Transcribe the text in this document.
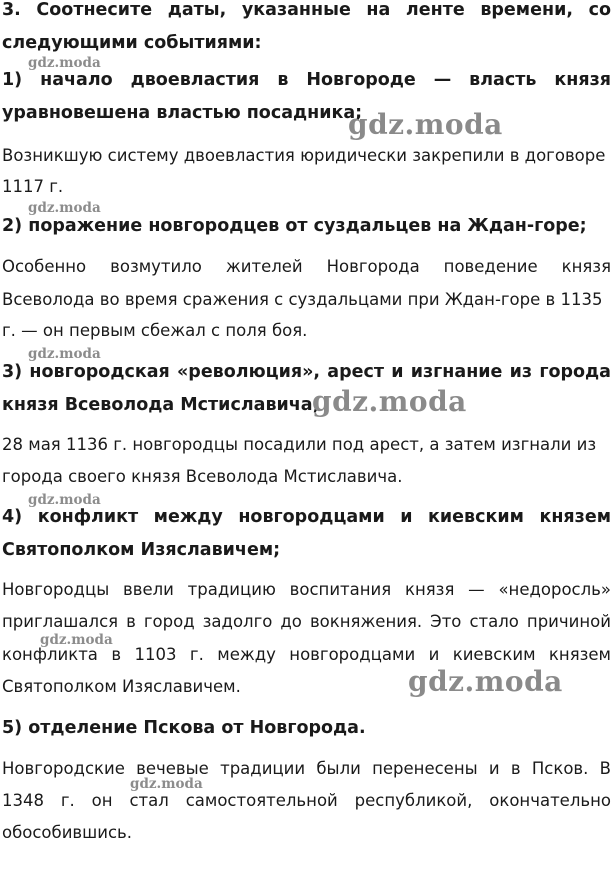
3. Соотнесите даты, указанные на ленте времени, со
следующими событиями:
1) начало двоевластия в Новгороде — власть князя
уравновешена властью посадника;
Возникшую систему двоевластия юридически закрепили в договоре
1117 г.
2) поражение новгородцев от суздальцев на Ждан-горе;
Особенно возмутило жителей Новгорода поведение князя
Всеволода во время сражения с суздальцами при Ждан-горе в 1135
г. — он первым сбежал с поля боя.
3) новгородская «революция», арест и изгнание из города
князя Всеволода Мстиславича;
28 мая 1136 г. новгородцы посадили под арест, а затем изгнали из
города своего князя Всеволода Мстиславича.
4) конфликт между новгородцами и киевским князем
Святополком Изяславичем;
Новгородцы ввели традицию воспитания князя — «недоросль»
приглашался в город задолго до вокняжения. Это стало причиной
конфликта в 1103 г. между новгородцами и киевским князем
Святополком Изяславичем.
5) отделение Пскова от Новгорода.
Новгородские вечевые традиции были перенесены и в Псков. В
1348 г. он стал самостоятельной республикой, окончательно
обособившись.
gdz.moda
gdz.moda
gdz.moda
gdz.moda
gdz.moda
gdz.moda
gdz.moda
gdz.moda
gdz.moda
